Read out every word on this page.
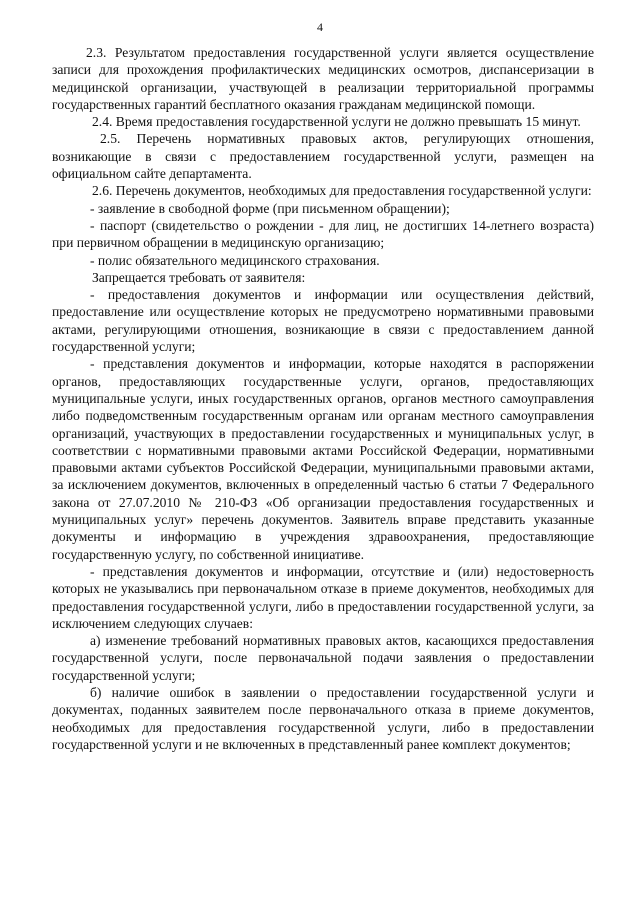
4

2.3. Результатом предоставления государственной услуги является осуществление записи для прохождения профилактических медицинских осмотров, диспансеризации в медицинской организации, участвующей в реализации территориальной программы государственных гарантий бесплатного оказания гражданам медицинской помощи.

2.4. Время предоставления государственной услуги не должно превышать 15 минут.

2.5. Перечень нормативных правовых актов, регулирующих отношения, возникающие в связи с предоставлением государственной услуги, размещен на официальном сайте департамента.

2.6. Перечень документов, необходимых для предоставления государственной услуги:

- заявление в свободной форме (при письменном обращении);

- паспорт (свидетельство о рождении - для лиц, не достигших 14-летнего возраста) при первичном обращении в медицинскую организацию;

- полис обязательного медицинского страхования.

Запрещается требовать от заявителя:

- предоставления документов и информации или осуществления действий, предоставление или осуществление которых не предусмотрено нормативными правовыми актами, регулирующими отношения, возникающие в связи с предоставлением данной государственной услуги;

- представления документов и информации, которые находятся в распоряжении органов, предоставляющих государственные услуги, органов, предоставляющих муниципальные услуги, иных государственных органов, органов местного самоуправления либо подведомственным государственным органам или органам местного самоуправления организаций, участвующих в предоставлении государственных и муниципальных услуг, в соответствии с нормативными правовыми актами Российской Федерации, нормативными правовыми актами субъектов Российской Федерации, муниципальными правовыми актами, за исключением документов, включенных в определенный частью 6 статьи 7 Федерального закона от 27.07.2010 № 210-ФЗ «Об организации предоставления государственных и муниципальных услуг» перечень документов. Заявитель вправе представить указанные документы и информацию в учреждения здравоохранения, предоставляющие государственную услугу, по собственной инициативе.

- представления документов и информации, отсутствие и (или) недостоверность которых не указывались при первоначальном отказе в приеме документов, необходимых для предоставления государственной услуги, либо в предоставлении государственной услуги, за исключением следующих случаев:

а) изменение требований нормативных правовых актов, касающихся предоставления государственной услуги, после первоначальной подачи заявления о предоставлении государственной услуги;

б) наличие ошибок в заявлении о предоставлении государственной услуги и документах, поданных заявителем после первоначального отказа в приеме документов, необходимых для предоставления государственной услуги, либо в предоставлении государственной услуги и не включенных в представленный ранее комплект документов;
